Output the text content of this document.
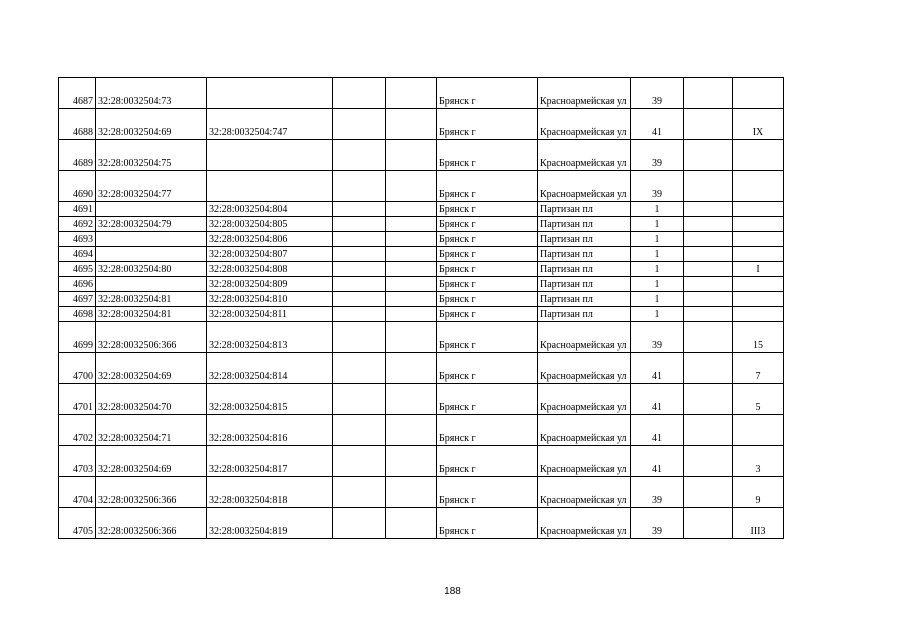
4687	32:28:0032504:73				Брянск г	Красноармейская ул	39		
4688	32:28:0032504:69	32:28:0032504:747			Брянск г	Красноармейская ул	41		IX
4689	32:28:0032504:75				Брянск г	Красноармейская ул	39		
4690	32:28:0032504:77				Брянск г	Красноармейская ул	39		
4691		32:28:0032504:804			Брянск г	Партизан пл	1		
4692	32:28:0032504:79	32:28:0032504:805			Брянск г	Партизан пл	1		
4693		32:28:0032504:806			Брянск г	Партизан пл	1		
4694		32:28:0032504:807			Брянск г	Партизан пл	1		
4695	32:28:0032504:80	32:28:0032504:808			Брянск г	Партизан пл	1		I
4696		32:28:0032504:809			Брянск г	Партизан пл	1		
4697	32:28:0032504:81	32:28:0032504:810			Брянск г	Партизан пл	1		
4698	32:28:0032504:81	32:28:0032504:811			Брянск г	Партизан пл	1		
4699	32:28:0032506:366	32:28:0032504:813			Брянск г	Красноармейская ул	39		15
4700	32:28:0032504:69	32:28:0032504:814			Брянск г	Красноармейская ул	41		7
4701	32:28:0032504:70	32:28:0032504:815			Брянск г	Красноармейская ул	41		5
4702	32:28:0032504:71	32:28:0032504:816			Брянск г	Красноармейская ул	41		
4703	32:28:0032504:69	32:28:0032504:817			Брянск г	Красноармейская ул	41		3
4704	32:28:0032506:366	32:28:0032504:818			Брянск г	Красноармейская ул	39		9
4705	32:28:0032506:366	32:28:0032504:819			Брянск г	Красноармейская ул	39		III3
188
